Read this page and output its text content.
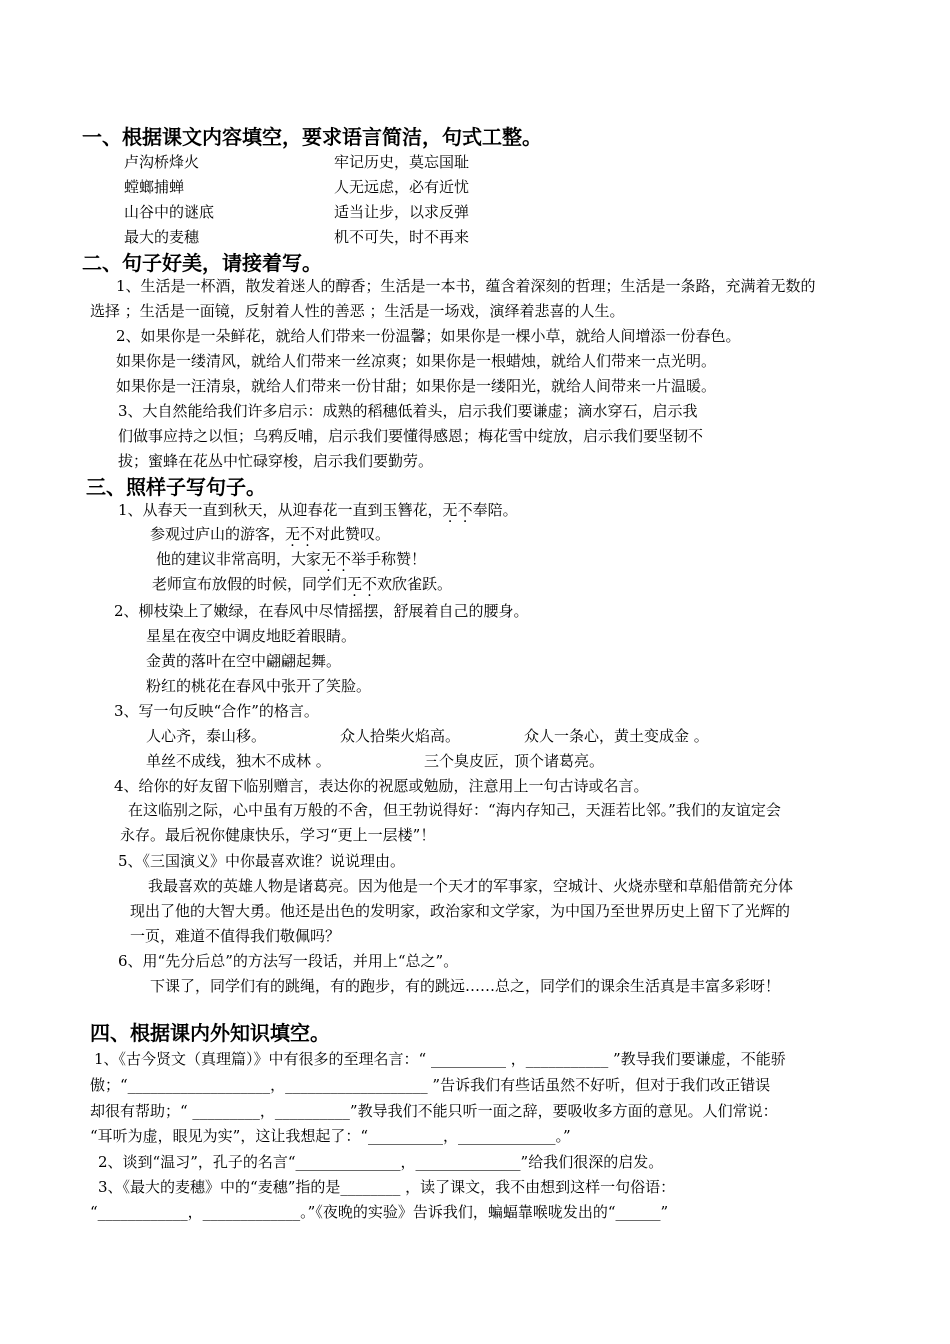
一、根据课文内容填空，要求语言简洁，句式工整。
卢沟桥烽火	牢记历史，莫忘国耻
螳螂捕蝉	人无远虑，必有近忧
山谷中的谜底	适当让步，以求反弹
最大的麦穗	机不可失，时不再来
二、句子好美，请接着写。
1、生活是一杯酒，散发着迷人的醇香；生活是一本书，蕴含着深刻的哲理；生活是一条路，充满着无数的
选择 ；生活是一面镜，反射着人性的善恶 ；生活是一场戏，演绎着悲喜的人生。
2、如果你是一朵鲜花，就给人们带来一份温馨；如果你是一棵小草，就给人间增添一份春色。
如果你是一缕清风，就给人们带来一丝凉爽；如果你是一根蜡烛，就给人们带来一点光明。
如果你是一汪清泉，就给人们带来一份甘甜；如果你是一缕阳光，就给人间带来一片温暖。
3、大自然能给我们许多启示：成熟的稻穗低着头，启示我们要谦虚；滴水穿石，启示我
们做事应持之以恒；乌鸦反哺，启示我们要懂得感恩；梅花雪中绽放，启示我们要坚韧不
拔；蜜蜂在花丛中忙碌穿梭，启示我们要勤劳。
三、照样子写句子。
1、从春天一直到秋天，从迎春花一直到玉簪花，无不奉陪。
参观过庐山的游客，无不对此赞叹。
他的建议非常高明，大家无不举手称赞！
老师宣布放假的时候，同学们无不欢欣雀跃。
2、柳枝染上了嫩绿，在春风中尽情摇摆，舒展着自己的腰身。
星星在夜空中调皮地眨着眼睛。
金黄的落叶在空中翩翩起舞。
粉红的桃花在春风中张开了笑脸。
3、写一句反映“合作”的格言。
人心齐，泰山移。	众人拾柴火焰高。	众人一条心，黄土变成金 。
单丝不成线，独木不成林 。	三个臭皮匠，顶个诸葛亮。
4、给你的好友留下临别赠言，表达你的祝愿或勉励，注意用上一句古诗或名言。
在这临别之际，心中虽有万般的不舍，但王勃说得好：“海内存知己，天涯若比邻。”我们的友谊定会
永存。最后祝你健康快乐，学习“更上一层楼”！
5、《三国演义》中你最喜欢谁？说说理由。
我最喜欢的英雄人物是诸葛亮。因为他是一个天才的军事家，空城计、火烧赤壁和草船借箭充分体
现出了他的大智大勇。他还是出色的发明家，政治家和文学家，为中国乃至世界历史上留下了光辉的
一页，难道不值得我们敬佩吗？
6、用“先分后总”的方法写一段话，并用上“总之”。
下课了，同学们有的跳绳，有的跑步，有的跳远……总之，同学们的课余生活真是丰富多彩呀！
四、根据课内外知识填空。
1、《古今贤文（真理篇）》中有很多的至理名言：“ __________ ，___________ ”教导我们要谦虚，不能骄
傲；“___________________，___________________ ”告诉我们有些话虽然不好听，但对于我们改正错误
却很有帮助；“ _________，__________”教导我们不能只听一面之辞，要吸收多方面的意见。人们常说：
“耳听为虚，眼见为实”，这让我想起了：“__________，_____________。”
2、谈到“温习”，孔子的名言“______________，______________”给我们很深的启发。
3、《最大的麦穗》中的“麦穗”指的是________ ，读了课文，我不由想到这样一句俗语：
“____________，_____________。”《夜晚的实验》告诉我们，蝙蝠靠喉咙发出的“______”
